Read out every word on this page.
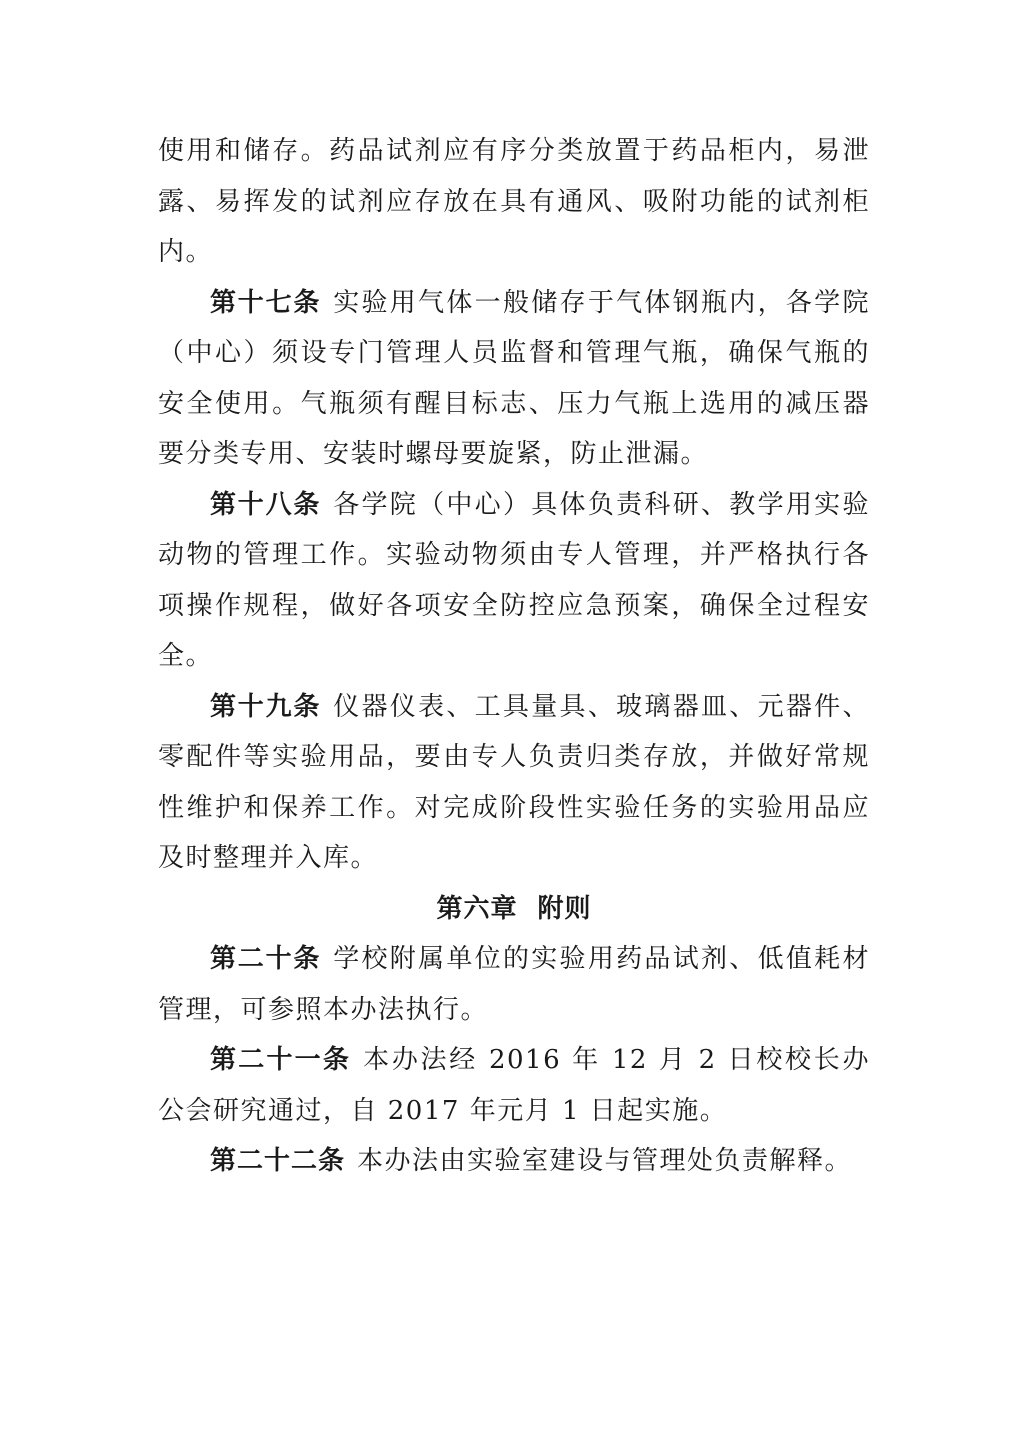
使用和储存。药品试剂应有序分类放置于药品柜内，易泄露、易挥发的试剂应存放在具有通风、吸附功能的试剂柜内。

第十七条 实验用气体一般储存于气体钢瓶内，各学院（中心）须设专门管理人员监督和管理气瓶，确保气瓶的安全使用。气瓶须有醒目标志、压力气瓶上选用的减压器要分类专用、安装时螺母要旋紧，防止泄漏。

第十八条 各学院（中心）具体负责科研、教学用实验动物的管理工作。实验动物须由专人管理，并严格执行各项操作规程，做好各项安全防控应急预案，确保全过程安全。

第十九条 仪器仪表、工具量具、玻璃器皿、元器件、零配件等实验用品，要由专人负责归类存放，并做好常规性维护和保养工作。对完成阶段性实验任务的实验用品应及时整理并入库。

第六章  附则

第二十条 学校附属单位的实验用药品试剂、低值耗材管理，可参照本办法执行。

第二十一条 本办法经 2016 年 12 月 2 日校校长办公会研究通过，自 2017 年元月 1 日起实施。

第二十二条 本办法由实验室建设与管理处负责解释。
